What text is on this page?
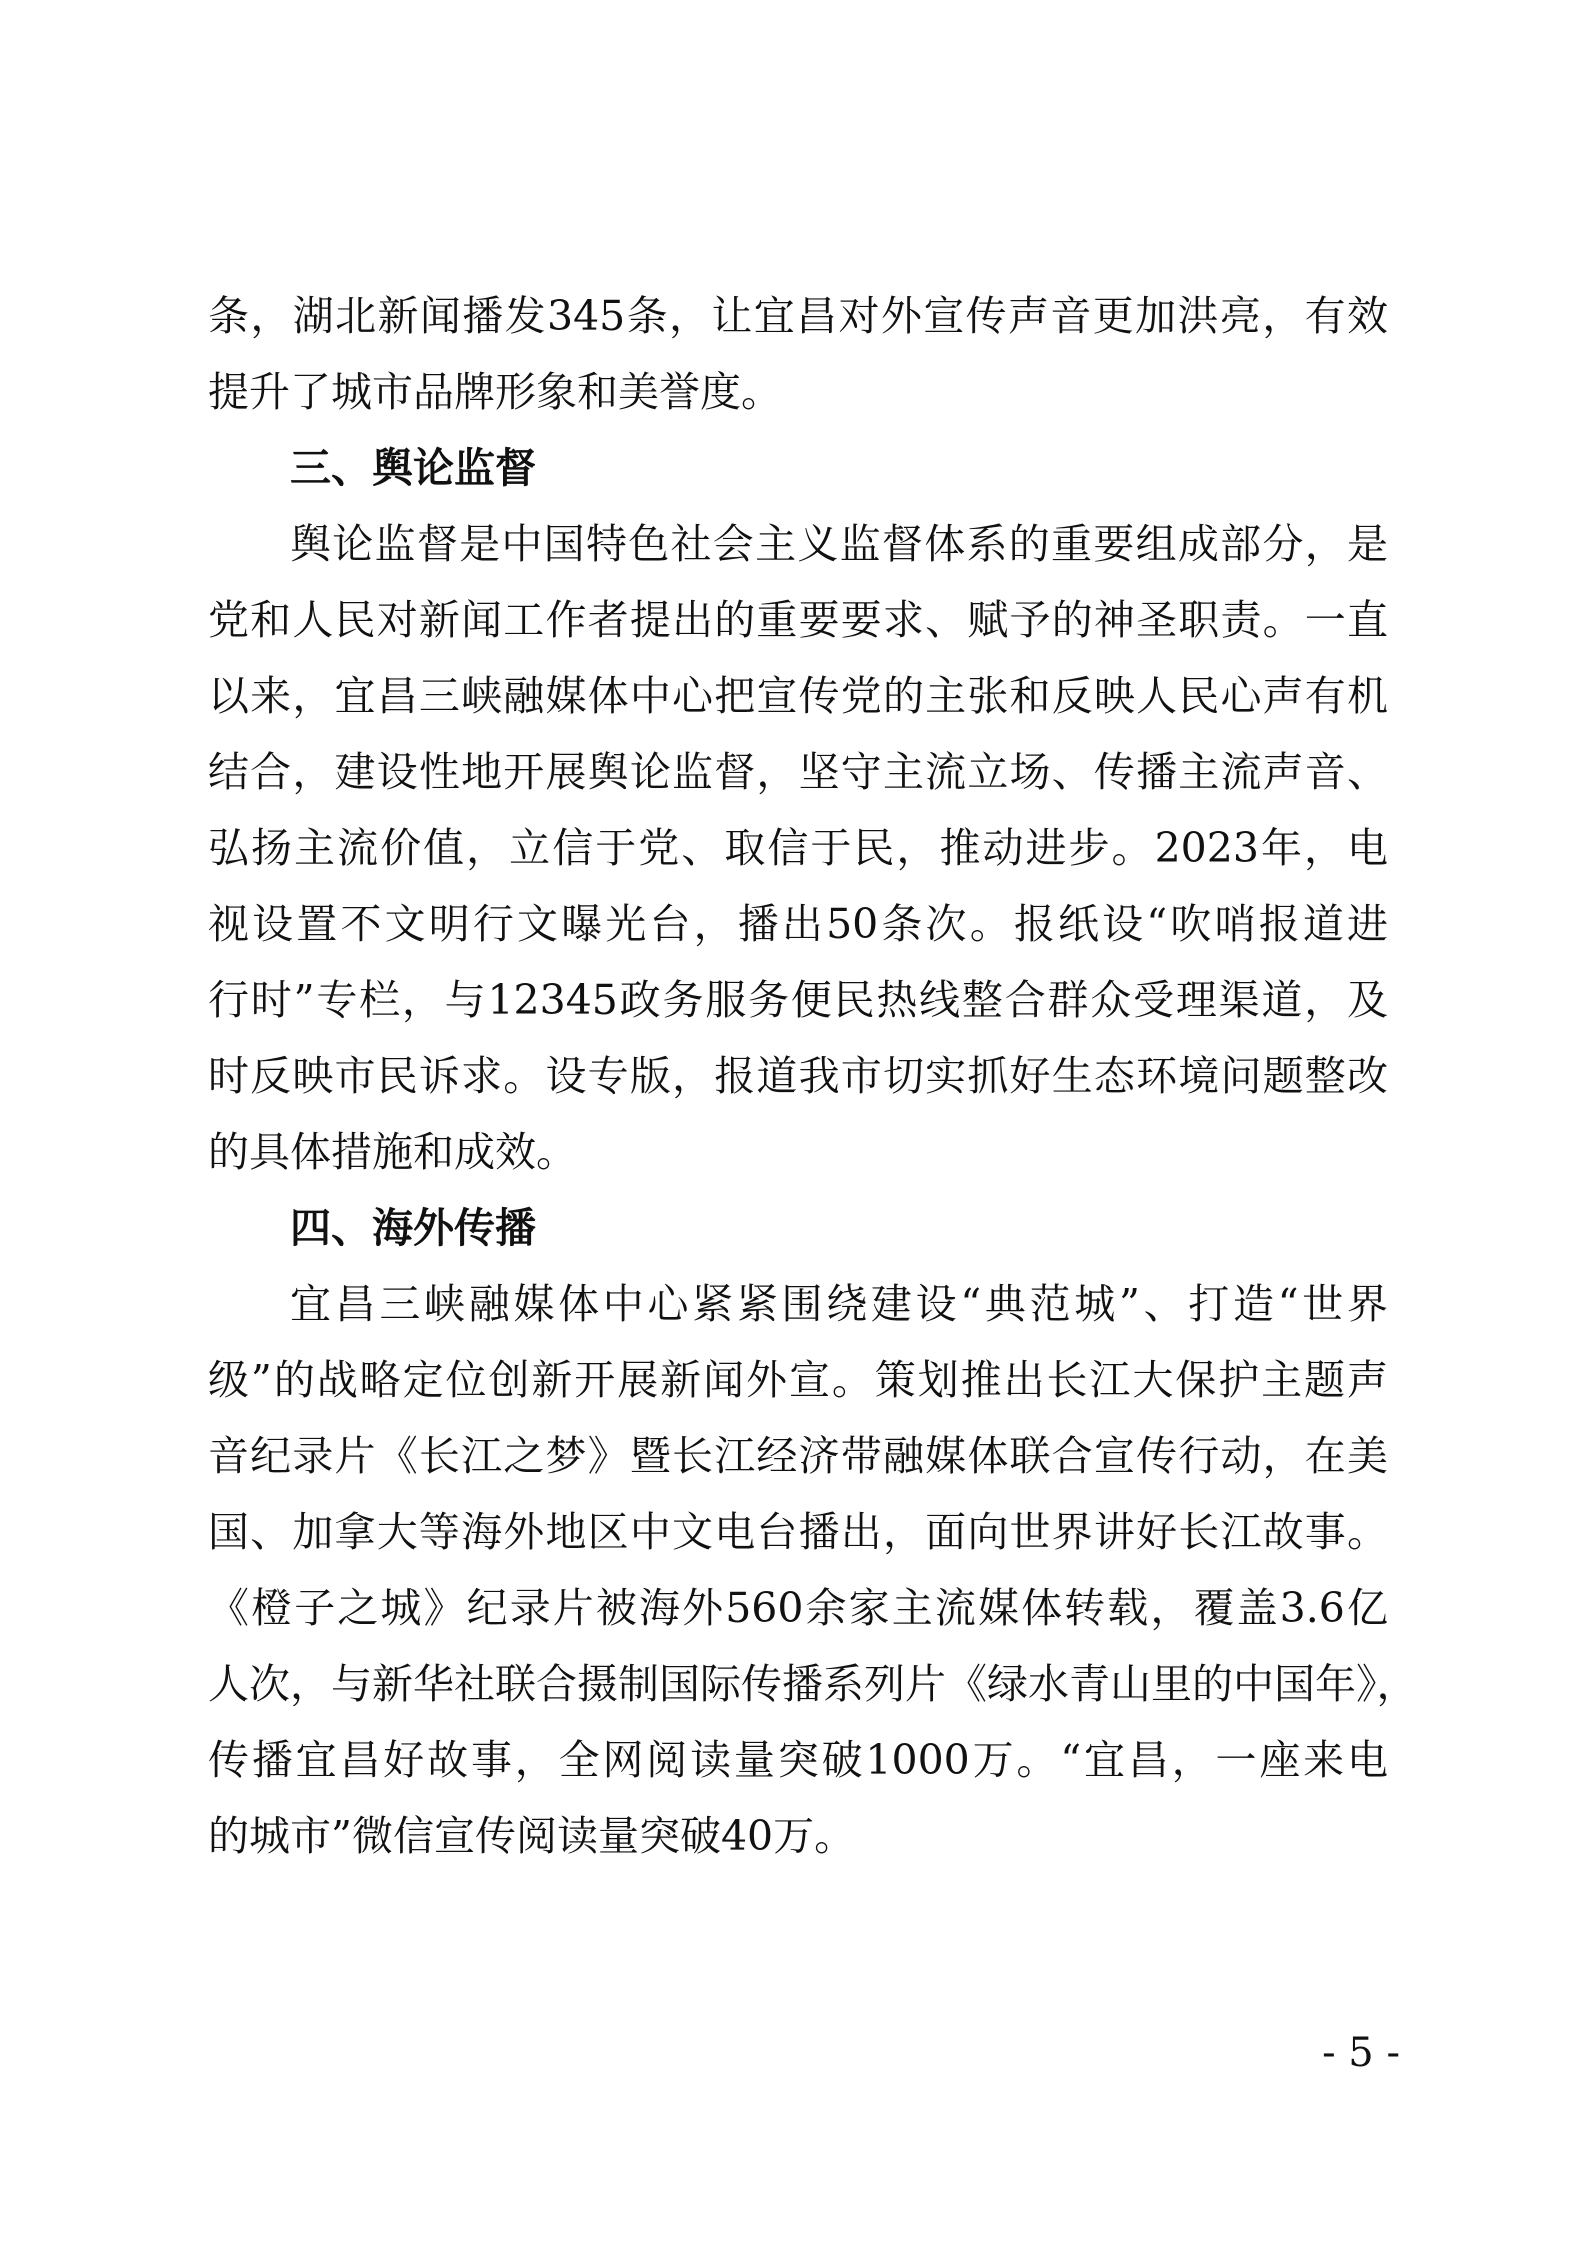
条，湖北新闻播发345条，让宜昌对外宣传声音更加洪亮，有效
提升了城市品牌形象和美誉度。
三、舆论监督
舆论监督是中国特色社会主义监督体系的重要组成部分，是
党和人民对新闻工作者提出的重要要求、赋予的神圣职责。一直
以来，宜昌三峡融媒体中心把宣传党的主张和反映人民心声有机
结合，建设性地开展舆论监督，坚守主流立场、传播主流声音、
弘扬主流价值，立信于党、取信于民，推动进步。2023年，电
视设置不文明行文曝光台，播出50条次。报纸设“吹哨报道进
行时”专栏，与12345政务服务便民热线整合群众受理渠道，及
时反映市民诉求。设专版，报道我市切实抓好生态环境问题整改
的具体措施和成效。
四、海外传播
宜昌三峡融媒体中心紧紧围绕建设“典范城”、打造“世界
级”的战略定位创新开展新闻外宣。策划推出长江大保护主题声
音纪录片《长江之梦》暨长江经济带融媒体联合宣传行动，在美
国、加拿大等海外地区中文电台播出，面向世界讲好长江故事。
《橙子之城》纪录片被海外560余家主流媒体转载，覆盖3.6亿
人次，与新华社联合摄制国际传播系列片《绿水青山里的中国年》，
传播宜昌好故事，全网阅读量突破1000万。“宜昌，一座来电
的城市”微信宣传阅读量突破40万。
- 5 -
